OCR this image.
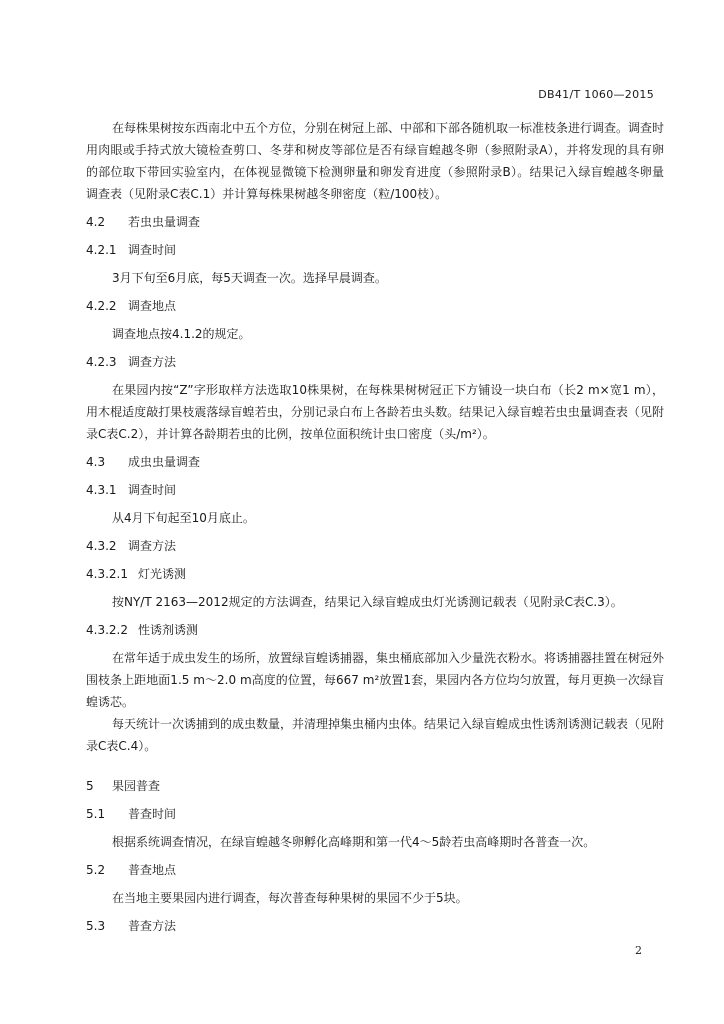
DB41/T 1060—2015

在每株果树按东西南北中五个方位，分别在树冠上部、中部和下部各随机取一标准枝条进行调查。调查时用肉眼或手持式放大镜检查剪口、冬芽和树皮等部位是否有绿盲蝗越冬卵（参照附录A），并将发现的具有卵的部位取下带回实验室内，在体视显微镜下检测卵量和卵发育进度（参照附录B）。结果记入绿盲蝗越冬卵量调查表（见附录C表C.1）并计算每株果树越冬卵密度（粒/100枝）。

4.2 若虫虫量调查

4.2.1 调查时间

3月下旬至6月底，每5天调查一次。选择早晨调查。

4.2.2 调查地点

调查地点按4.1.2的规定。

4.2.3 调查方法

在果园内按“Z”字形取样方法选取10株果树，在每株果树树冠正下方铺设一块白布（长2 m×宽1 m），用木棍适度敲打果枝震落绿盲蝗若虫，分别记录白布上各龄若虫头数。结果记入绿盲蝗若虫虫量调查表（见附录C表C.2），并计算各龄期若虫的比例，按单位面积统计虫口密度（头/m²）。

4.3 成虫虫量调查

4.3.1 调查时间

从4月下旬起至10月底止。

4.3.2 调查方法

4.3.2.1 灯光诱测

按NY/T 2163—2012规定的方法调查，结果记入绿盲蝗成虫灯光诱测记载表（见附录C表C.3）。

4.3.2.2 性诱剂诱测

在常年适于成虫发生的场所，放置绿盲蝗诱捕器，集虫桶底部加入少量洗衣粉水。将诱捕器挂置在树冠外围枝条上距地面1.5 m～2.0 m高度的位置，每667 m²放置1套，果园内各方位均匀放置，每月更换一次绿盲蝗诱芯。

每天统计一次诱捕到的成虫数量，并清理掉集虫桶内虫体。结果记入绿盲蝗成虫性诱剂诱测记载表（见附录C表C.4）。

5 果园普查

5.1 普查时间

根据系统调查情况，在绿盲蝗越冬卵孵化高峰期和第一代4～5龄若虫高峰期时各普查一次。

5.2 普查地点

在当地主要果园内进行调查，每次普查每种果树的果园不少于5块。

5.3 普查方法

2
